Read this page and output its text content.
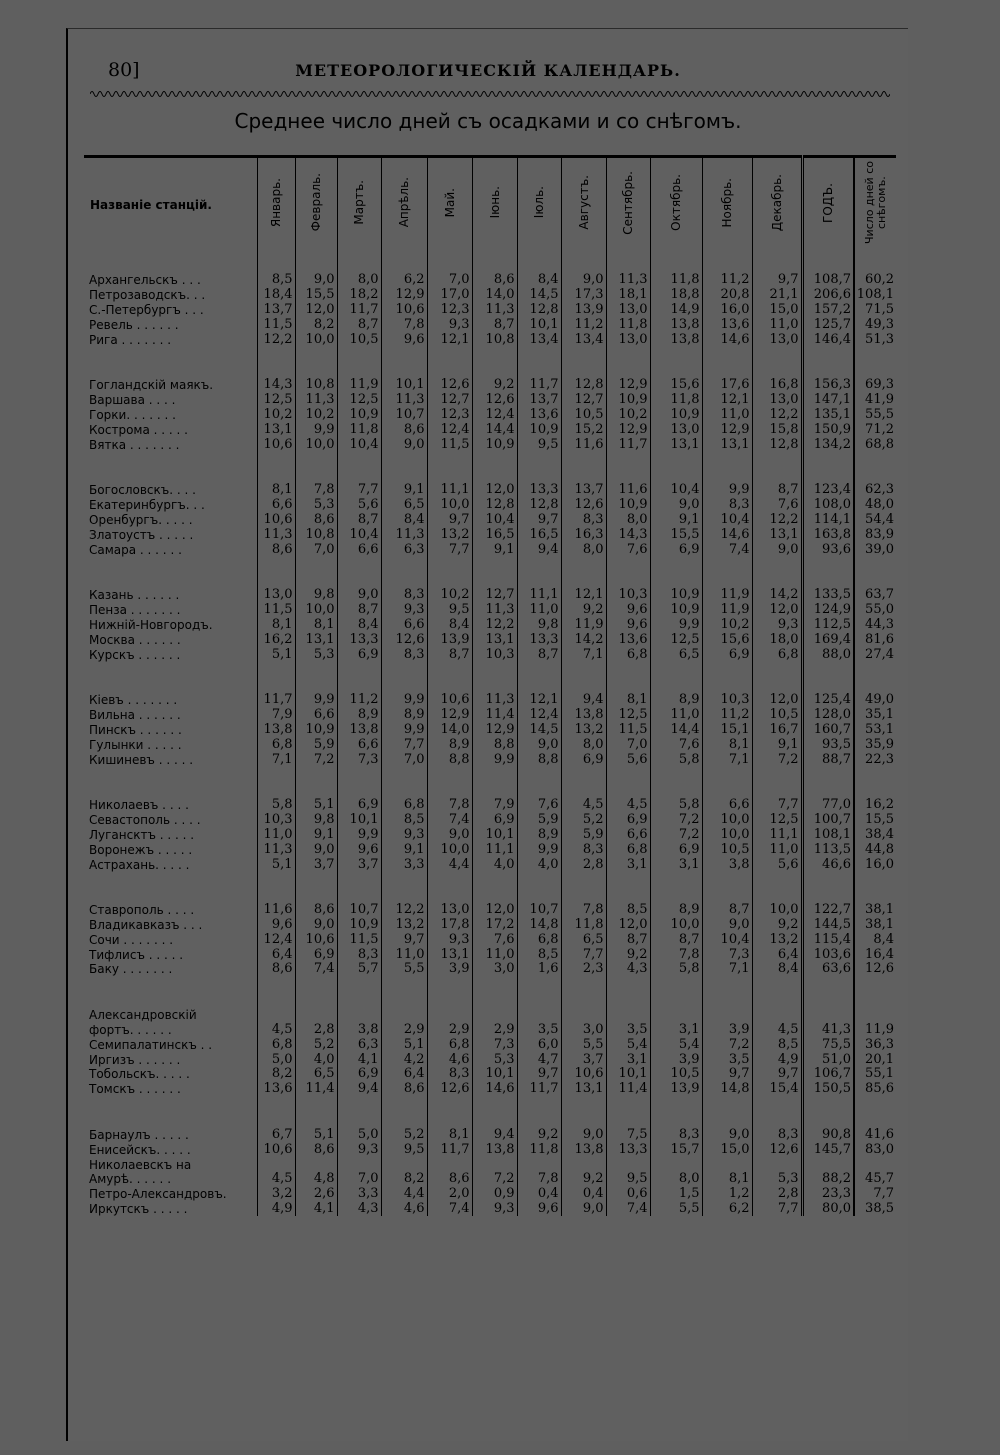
80]	МЕТЕОРОЛОГИЧЕСКІЙ КАЛЕНДАРЬ.
Среднее число дней съ осадками и со снѣгомъ.
Названіе станцій.	Январь.	Февраль.	Мартъ.	Апрѣль.	Май.	Іюнь.	Іюль.	Августъ.	Сентябрь.	Октябрь.	Ноябрь.	Декабрь.	ГОДЪ.	Число дней со снѣгомъ.

Архангельскъ . . .	8,5	9,0	8,0	6,2	7,0	8,6	8,4	9,0	11,3	11,8	11,2	9,7	108,7	60,2
Петрозаводскъ. . .	18,4	15,5	18,2	12,9	17,0	14,0	14,5	17,3	18,1	18,8	20,8	21,1	206,6	108,1
С.-Петербургъ . . .	13,7	12,0	11,7	10,6	12,3	11,3	12,8	13,9	13,0	14,9	16,0	15,0	157,2	71,5
Ревель . . . . . .	11,5	8,2	8,7	7,8	9,3	8,7	10,1	11,2	11,8	13,8	13,6	11,0	125,7	49,3
Рига . . . . . . .	12,2	10,0	10,5	9,6	12,1	10,8	13,4	13,4	13,0	13,8	14,6	13,0	146,4	51,3

Гогландскій маякъ.	14,3	10,8	11,9	10,1	12,6	9,2	11,7	12,8	12,9	15,6	17,6	16,8	156,3	69,3
Варшава . . . .	12,5	11,3	12,5	11,3	12,7	12,6	13,7	12,7	10,9	11,8	12,1	13,0	147,1	41,9
Горки. . . . . . .	10,2	10,2	10,9	10,7	12,3	12,4	13,6	10,5	10,2	10,9	11,0	12,2	135,1	55,5
Кострома . . . . .	13,1	9,9	11,8	8,6	12,4	14,4	10,9	15,2	12,9	13,0	12,9	15,8	150,9	71,2
Вятка . . . . . . .	10,6	10,0	10,4	9,0	11,5	10,9	9,5	11,6	11,7	13,1	13,1	12,8	134,2	68,8

Богословскъ. . . .	8,1	7,8	7,7	9,1	11,1	12,0	13,3	13,7	11,6	10,4	9,9	8,7	123,4	62,3
Екатеринбургъ. . .	6,6	5,3	5,6	6,5	10,0	12,8	12,8	12,6	10,9	9,0	8,3	7,6	108,0	48,0
Оренбургъ. . . . .	10,6	8,6	8,7	8,4	9,7	10,4	9,7	8,3	8,0	9,1	10,4	12,2	114,1	54,4
Златоустъ . . . . .	11,3	10,8	10,4	11,3	13,2	16,5	16,5	16,3	14,3	15,5	14,6	13,1	163,8	83,9
Самара . . . . . .	8,6	7,0	6,6	6,3	7,7	9,1	9,4	8,0	7,6	6,9	7,4	9,0	93,6	39,0

Казань . . . . . .	13,0	9,8	9,0	8,3	10,2	12,7	11,1	12,1	10,3	10,9	11,9	14,2	133,5	63,7
Пенза . . . . . . .	11,5	10,0	8,7	9,3	9,5	11,3	11,0	9,2	9,6	10,9	11,9	12,0	124,9	55,0
Нижній-Новгородъ.	8,1	8,1	8,4	6,6	8,4	12,2	9,8	11,9	9,6	9,9	10,2	9,3	112,5	44,3
Москва . . . . . .	16,2	13,1	13,3	12,6	13,9	13,1	13,3	14,2	13,6	12,5	15,6	18,0	169,4	81,6
Курскъ . . . . . .	5,1	5,3	6,9	8,3	8,7	10,3	8,7	7,1	6,8	6,5	6,9	6,8	88,0	27,4

Кіевъ . . . . . . .	11,7	9,9	11,2	9,9	10,6	11,3	12,1	9,4	8,1	8,9	10,3	12,0	125,4	49,0
Вильна . . . . . .	7,9	6,6	8,9	8,9	12,9	11,4	12,4	13,8	12,5	11,0	11,2	10,5	128,0	35,1
Пинскъ . . . . . .	13,8	10,9	13,8	9,9	14,0	12,9	14,5	13,2	11,5	14,4	15,1	16,7	160,7	53,1
Гулынки . . . . .	6,8	5,9	6,6	7,7	8,9	8,8	9,0	8,0	7,0	7,6	8,1	9,1	93,5	35,9
Кишиневъ . . . . .	7,1	7,2	7,3	7,0	8,8	9,9	8,8	6,9	5,6	5,8	7,1	7,2	88,7	22,3

Николаевъ . . . .	5,8	5,1	6,9	6,8	7,8	7,9	7,6	4,5	4,5	5,8	6,6	7,7	77,0	16,2
Севастополь . . . .	10,3	9,8	10,1	8,5	7,4	6,9	5,9	5,2	6,9	7,2	10,0	12,5	100,7	15,5
Лугансктъ . . . . .	11,0	9,1	9,9	9,3	9,0	10,1	8,9	5,9	6,6	7,2	10,0	11,1	108,1	38,4
Воронежъ . . . . .	11,3	9,0	9,6	9,1	10,0	11,1	9,9	8,3	6,8	6,9	10,5	11,0	113,5	44,8
Астрахань. . . . .	5,1	3,7	3,7	3,3	4,4	4,0	4,0	2,8	3,1	3,1	3,8	5,6	46,6	16,0

Ставрополь . . . .	11,6	8,6	10,7	12,2	13,0	12,0	10,7	7,8	8,5	8,9	8,7	10,0	122,7	38,1
Владикавказъ . . .	9,6	9,0	10,9	13,2	17,8	17,2	14,8	11,8	12,0	10,0	9,0	9,2	144,5	38,1
Сочи . . . . . . .	12,4	10,6	11,5	9,7	9,3	7,6	6,8	6,5	8,7	8,7	10,4	13,2	115,4	8,4
Тифлисъ . . . . .	6,4	6,9	8,3	11,0	13,1	11,0	8,5	7,7	9,2	7,8	7,3	6,4	103,6	16,4
Баку . . . . . . .	8,6	7,4	5,7	5,5	3,9	3,0	1,6	2,3	4,3	5,8	7,1	8,4	63,6	12,6

Александровскій														
фортъ. . . . . .	4,5	2,8	3,8	2,9	2,9	2,9	3,5	3,0	3,5	3,1	3,9	4,5	41,3	11,9
Семипалатинскъ . .	6,8	5,2	6,3	5,1	6,8	7,3	6,0	5,5	5,4	5,4	7,2	8,5	75,5	36,3
Иргизъ . . . . . .	5,0	4,0	4,1	4,2	4,6	5,3	4,7	3,7	3,1	3,9	3,5	4,9	51,0	20,1
Тобольскъ. . . . .	8,2	6,5	6,9	6,4	8,3	10,1	9,7	10,6	10,1	10,5	9,7	9,7	106,7	55,1
Томскъ . . . . . .	13,6	11,4	9,4	8,6	12,6	14,6	11,7	13,1	11,4	13,9	14,8	15,4	150,5	85,6

Барнаулъ . . . . .	6,7	5,1	5,0	5,2	8,1	9,4	9,2	9,0	7,5	8,3	9,0	8,3	90,8	41,6
Енисейскъ. . . . .	10,6	8,6	9,3	9,5	11,7	13,8	11,8	13,8	13,3	15,7	15,0	12,6	145,7	83,0
Николаевскъ на														
Амурѣ. . . . . .	4,5	4,8	7,0	8,2	8,6	7,2	7,8	9,2	9,5	8,0	8,1	5,3	88,2	45,7
Петро-Александровъ.	3,2	2,6	3,3	4,4	2,0	0,9	0,4	0,4	0,6	1,5	1,2	2,8	23,3	7,7
Иркутскъ . . . . .	4,9	4,1	4,3	4,6	7,4	9,3	9,6	9,0	7,4	5,5	6,2	7,7	80,0	38,5
